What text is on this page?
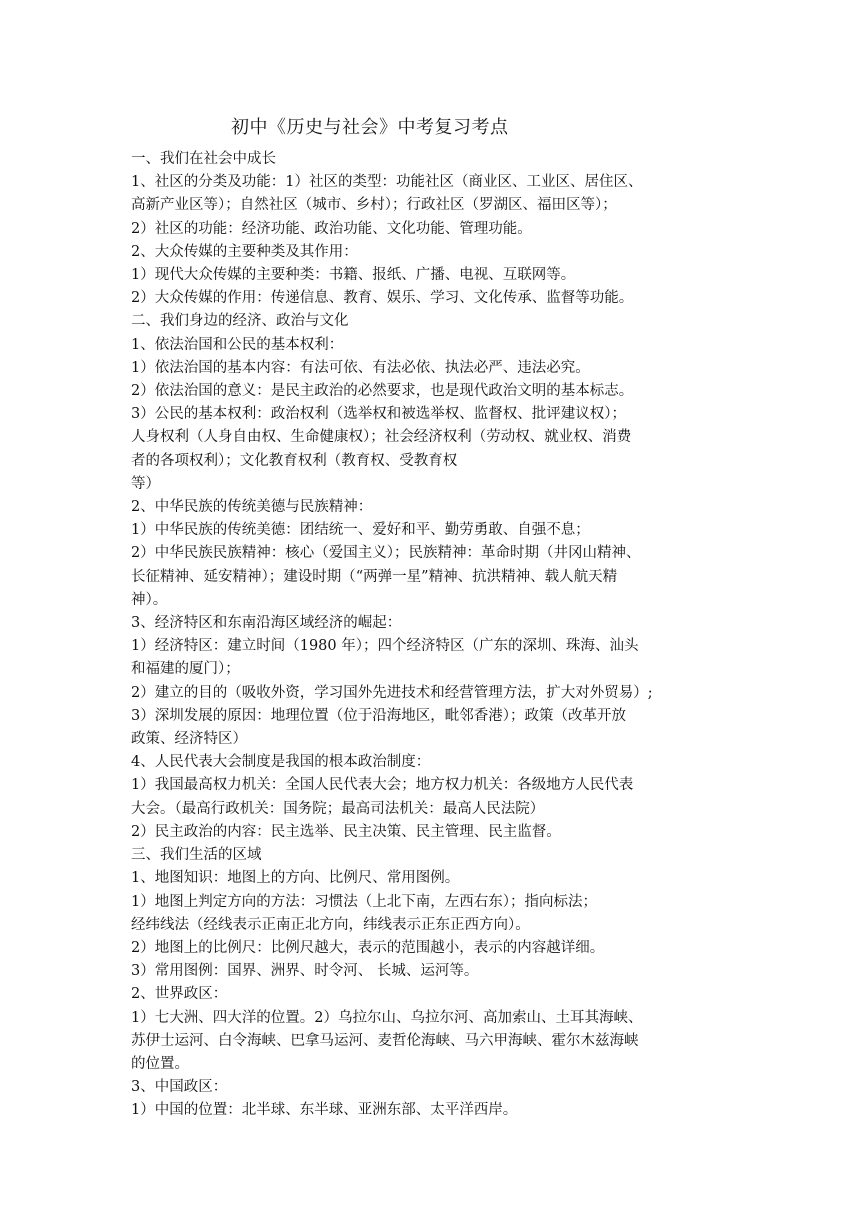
初中《历史与社会》中考复习考点
一、我们在社会中成长
1、社区的分类及功能：1）社区的类型：功能社区（商业区、工业区、居住区、
高新产业区等）；自然社区（城市、乡村）；行政社区（罗湖区、福田区等）；
2）社区的功能：经济功能、政治功能、文化功能、管理功能。
2、大众传媒的主要种类及其作用：
1）现代大众传媒的主要种类：书籍、报纸、广播、电视、互联网等。
2）大众传媒的作用：传递信息、教育、娱乐、学习、文化传承、监督等功能。
二、我们身边的经济、政治与文化
1、依法治国和公民的基本权利：
1）依法治国的基本内容：有法可依、有法必依、执法必严、违法必究。
2）依法治国的意义：是民主政治的必然要求，也是现代政治文明的基本标志。
3）公民的基本权利：政治权利（选举权和被选举权、监督权、批评建议权）；
人身权利（人身自由权、生命健康权）；社会经济权利（劳动权、就业权、消费
者的各项权利）；文化教育权利（教育权、受教育权
等）
2、中华民族的传统美德与民族精神：
1）中华民族的传统美德：团结统一、爱好和平、勤劳勇敢、自强不息；
2）中华民族民族精神：核心（爱国主义）；民族精神：革命时期（井冈山精神、
长征精神、延安精神）；建设时期（“两弹一星”精神、抗洪精神、载人航天精
神）。
3、经济特区和东南沿海区域经济的崛起：
1）经济特区：建立时间（1980 年）；四个经济特区（广东的深圳、珠海、汕头
和福建的厦门）；
2）建立的目的（吸收外资，学习国外先进技术和经营管理方法，扩大对外贸易）;
3）深圳发展的原因：地理位置（位于沿海地区，毗邻香港）；政策（改革开放
政策、经济特区）
4、人民代表大会制度是我国的根本政治制度：
1）我国最高权力机关：全国人民代表大会；地方权力机关：各级地方人民代表
大会。（最高行政机关：国务院；最高司法机关：最高人民法院）
2）民主政治的内容：民主选举、民主决策、民主管理、民主监督。
三、我们生活的区域
1、地图知识：地图上的方向、比例尺、常用图例。
1）地图上判定方向的方法：习惯法（上北下南，左西右东）；指向标法；
经纬线法（经线表示正南正北方向，纬线表示正东正西方向）。
2）地图上的比例尺：比例尺越大，表示的范围越小，表示的内容越详细。
3）常用图例：国界、洲界、时令河、 长城、运河等。
2、世界政区：
1）七大洲、四大洋的位置。2）乌拉尔山、乌拉尔河、高加索山、土耳其海峡、
苏伊士运河、白令海峡、巴拿马运河、麦哲伦海峡、马六甲海峡、霍尔木兹海峡
的位置。
3、中国政区：
1）中国的位置：北半球、东半球、亚洲东部、太平洋西岸。
